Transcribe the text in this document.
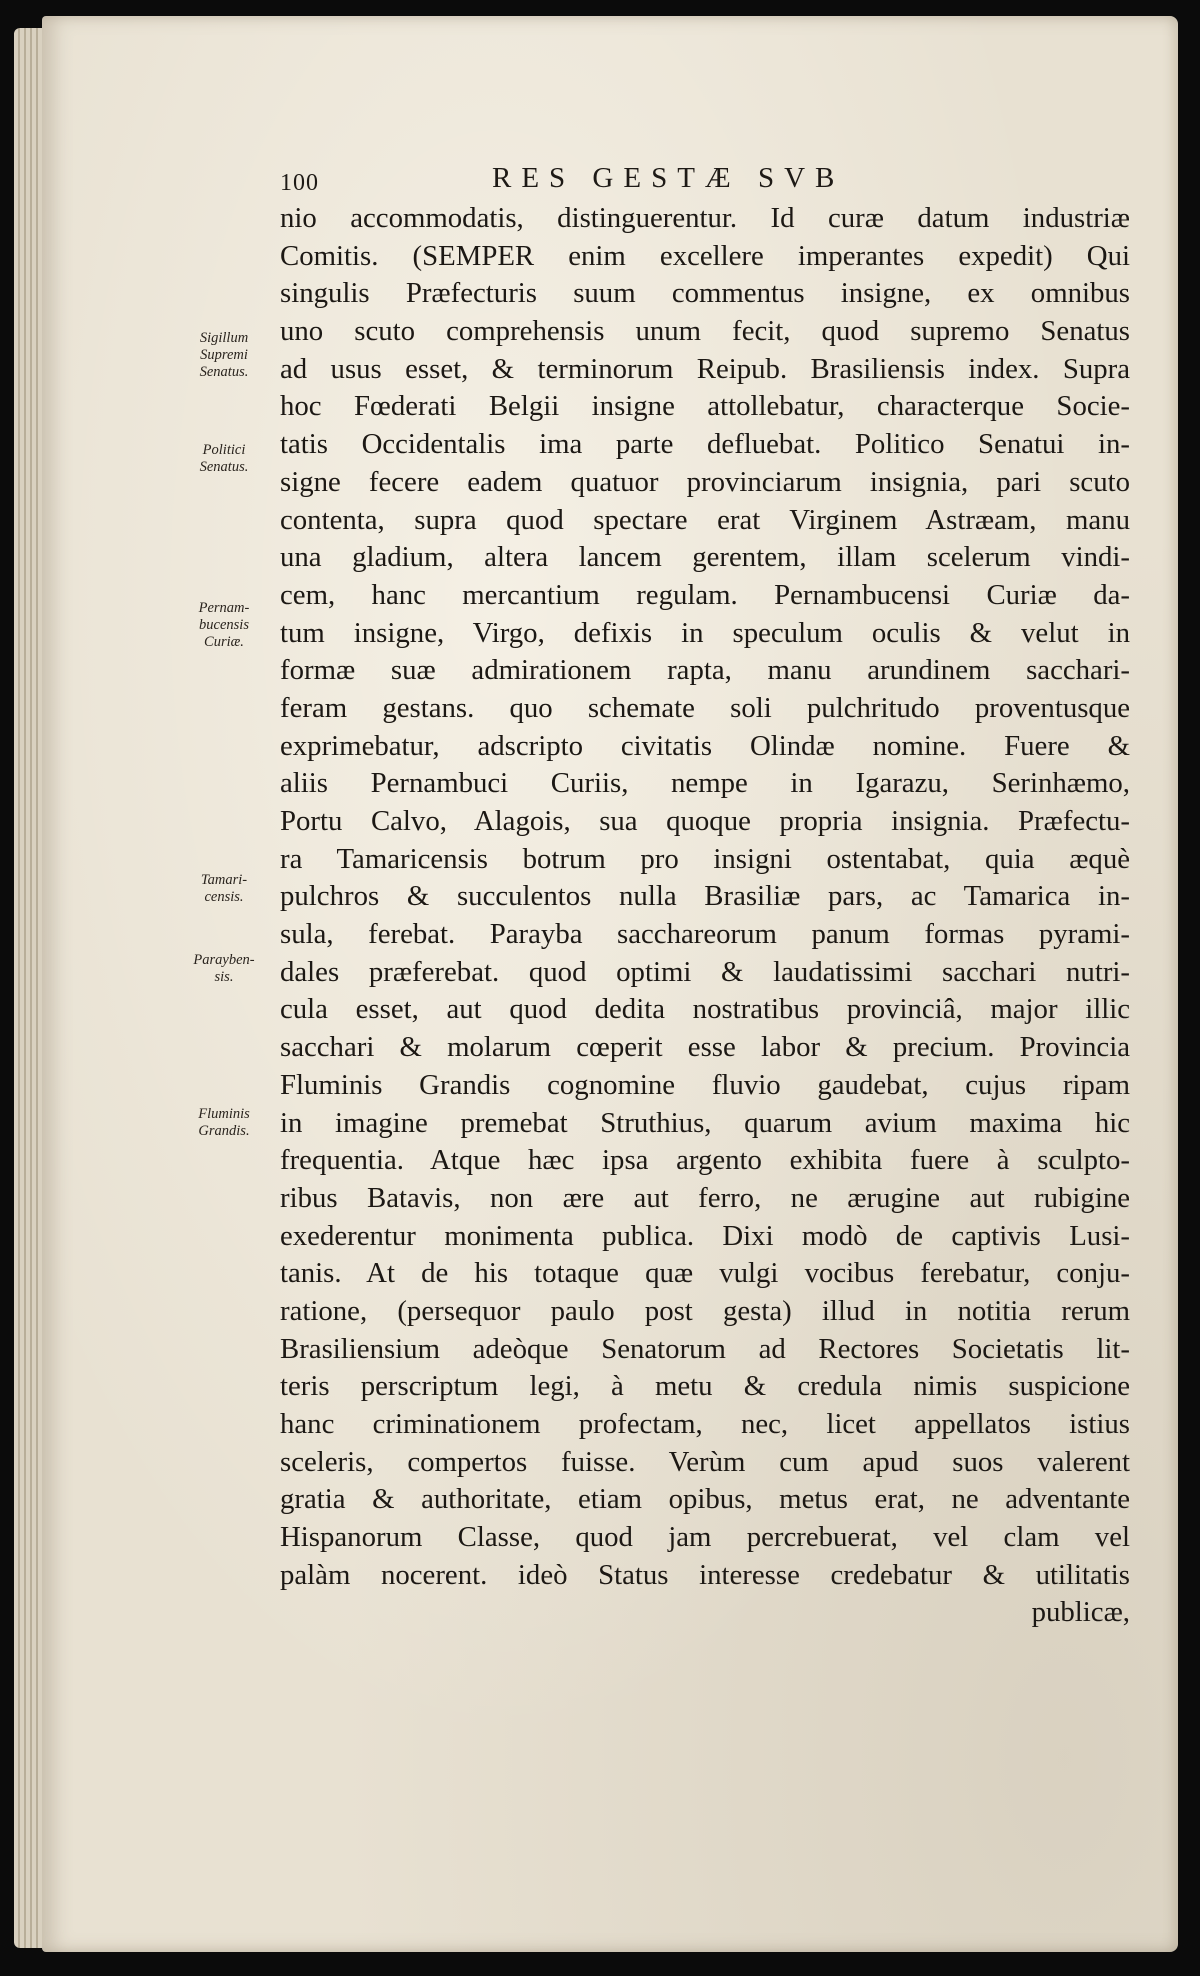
100	RES GESTÆ SVB
Sigillum
Supremi
Senatus.
Politici
Senatus.
Pernam-
bucensis
Curiæ.
Tamari-
censis.
Parayben-
sis.
Fluminis
Grandis.
nio accommodatis, distinguerentur. Id curæ datum industriæ
Comitis. (SEMPER enim excellere imperantes expedit) Qui
singulis Præfecturis suum commentus insigne, ex omnibus
uno scuto comprehensis unum fecit, quod supremo Senatus
ad usus esset, & terminorum Reipub. Brasiliensis index. Supra
hoc Fœderati Belgii insigne attollebatur, characterque Socie-
tatis Occidentalis ima parte defluebat. Politico Senatui in-
signe fecere eadem quatuor provinciarum insignia, pari scuto
contenta, supra quod spectare erat Virginem Astræam, manu
una gladium, altera lancem gerentem, illam scelerum vindi-
cem, hanc mercantium regulam. Pernambucensi Curiæ da-
tum insigne, Virgo, defixis in speculum oculis & velut in
formæ suæ admirationem rapta, manu arundinem sacchari-
feram gestans. quo schemate soli pulchritudo proventusque
exprimebatur, adscripto civitatis Olindæ nomine. Fuere &
aliis Pernambuci Curiis, nempe in Igarazu, Serinhæmo,
Portu Calvo, Alagois, sua quoque propria insignia. Præfectu-
ra Tamaricensis botrum pro insigni ostentabat, quia æquè
pulchros & succulentos nulla Brasiliæ pars, ac Tamarica in-
sula, ferebat. Parayba sacchareorum panum formas pyrami-
dales præferebat. quod optimi & laudatissimi sacchari nutri-
cula esset, aut quod dedita nostratibus provinciâ, major illic
sacchari & molarum cœperit esse labor & precium. Provincia
Fluminis Grandis cognomine fluvio gaudebat, cujus ripam
in imagine premebat Struthius, quarum avium maxima hic
frequentia. Atque hæc ipsa argento exhibita fuere à sculpto-
ribus Batavis, non ære aut ferro, ne ærugine aut rubigine
exederentur monimenta publica. Dixi modò de captivis Lusi-
tanis. At de his totaque quæ vulgi vocibus ferebatur, conju-
ratione, (persequor paulo post gesta) illud in notitia rerum
Brasiliensium adeòque Senatorum ad Rectores Societatis lit-
teris perscriptum legi, à metu & credula nimis suspicione
hanc criminationem profectam, nec, licet appellatos istius
sceleris, compertos fuisse. Verùm cum apud suos valerent
gratia & authoritate, etiam opibus, metus erat, ne adventante
Hispanorum Classe, quod jam percrebuerat, vel clam vel
palàm nocerent. ideò Status interesse credebatur & utilitatis
publicæ,
